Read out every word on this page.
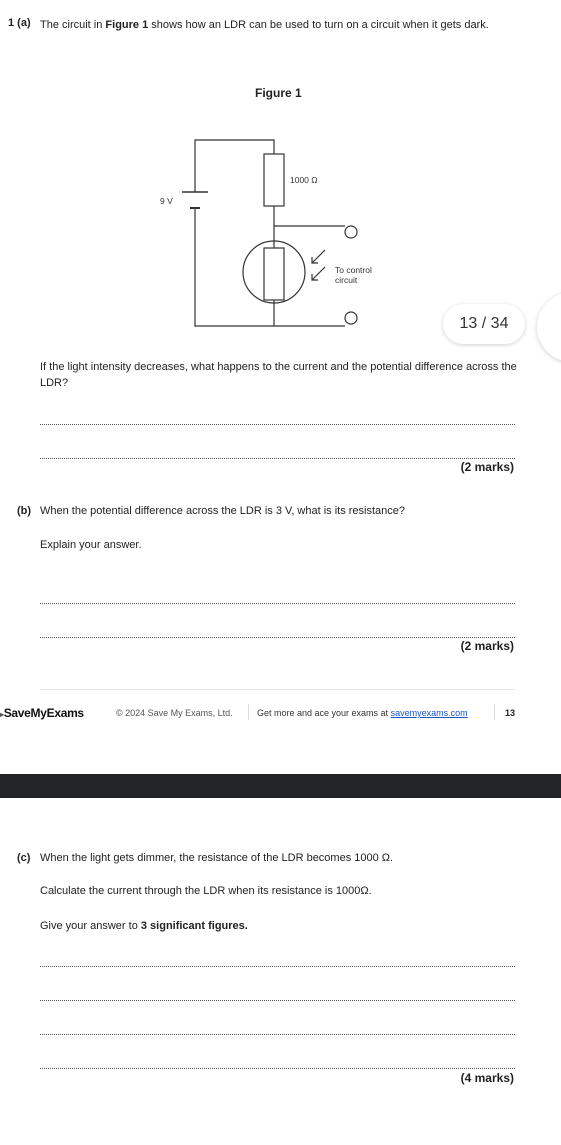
1 (a) The circuit in Figure 1 shows how an LDR can be used to turn on a circuit when it gets dark.
Figure 1
1000 Ω
9 V
To control
circuit
13 / 34
If the light intensity decreases, what happens to the current and the potential difference across the LDR?
(2 marks)
(b) When the potential difference across the LDR is 3 V, what is its resistance?
Explain your answer.
(2 marks)
▸SaveMyExams	© 2024 Save My Exams, Ltd.	Get more and ace your exams at savemyexams.com	13
(c) When the light gets dimmer, the resistance of the LDR becomes 1000 Ω.
Calculate the current through the LDR when its resistance is 1000Ω.
Give your answer to 3 significant figures.
(4 marks)
